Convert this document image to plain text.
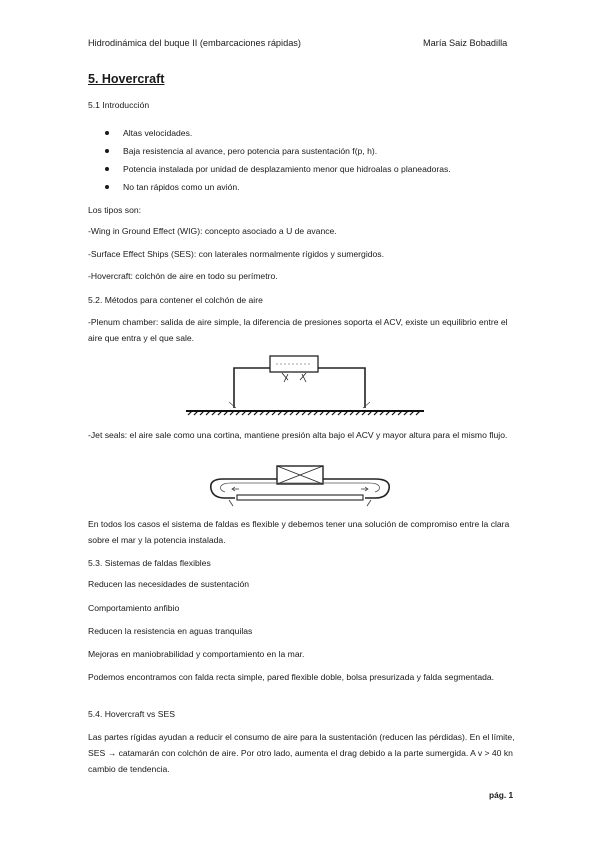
Hidrodinámica del buque II (embarcaciones rápidas)	María Saiz Bobadilla
5. Hovercraft
5.1 Introducción
Altas velocidades.
Baja resistencia al avance, pero potencia para sustentación f(p, h).
Potencia instalada por unidad de desplazamiento menor que hidroalas o planeadoras.
No tan rápidos como un avión.
Los tipos son:
-Wing in Ground Effect (WIG): concepto asociado a U de avance.
-Surface Effect Ships (SES): con laterales normalmente rígidos y sumergidos.
-Hovercraft: colchón de aire en todo su perímetro.
5.2. Métodos para contener el colchón de aire
-Plenum chamber: salida de aire simple, la diferencia de presiones soporta el ACV, existe un equilibrio entre el aire que entra y el que sale.
-Jet seals: el aire sale como una cortina, mantiene presión alta bajo el ACV y mayor altura para el mismo flujo.
En todos los casos el sistema de faldas es flexible y debemos tener una solución de compromiso entre la clara sobre el mar y la potencia instalada.
5.3. Sistemas de faldas flexibles
Reducen las necesidades de sustentación
Comportamiento anfibio
Reducen la resistencia en aguas tranquilas
Mejoras en maniobrabilidad y comportamiento en la mar.
Podemos encontramos con falda recta simple, pared flexible doble, bolsa presurizada y falda segmentada.
5.4. Hovercraft vs SES
Las partes rígidas ayudan a reducir el consumo de aire para la sustentación (reducen las pérdidas). En el límite, SES → catamarán con colchón de aire. Por otro lado, aumenta el drag debido a la parte sumergida. A v > 40 kn cambio de tendencia.
pág. 1
